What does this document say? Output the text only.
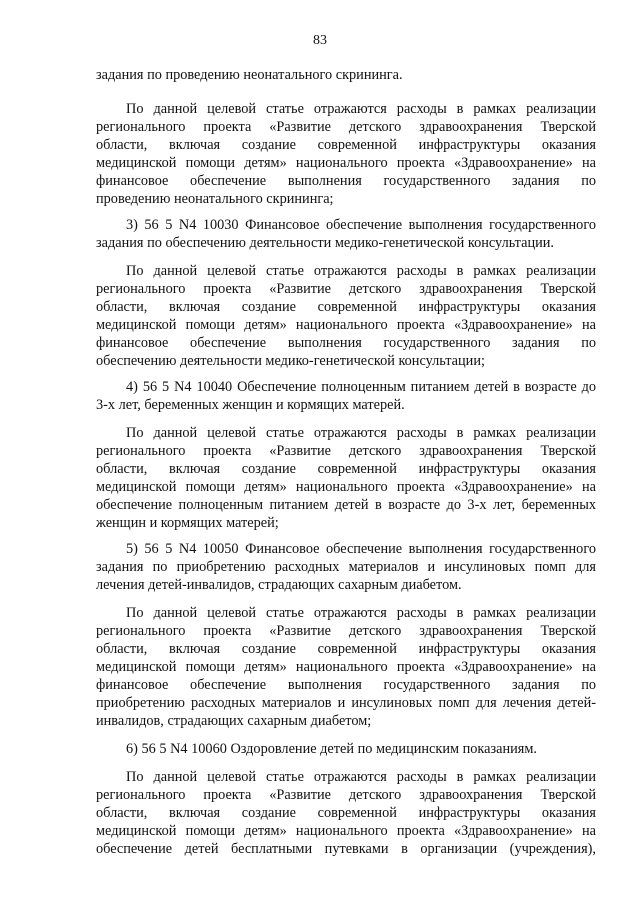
83
задания по проведению неонатального скрининга.
По данной целевой статье отражаются расходы в рамках реализации
регионального проекта «Развитие детского здравоохранения Тверской
области, включая создание современной инфраструктуры оказания
медицинской помощи детям» национального проекта «Здравоохранение» на
финансовое обеспечение выполнения государственного задания по
проведению неонатального скрининга;
3) 56 5 N4 10030 Финансовое обеспечение выполнения государственного
задания по обеспечению деятельности медико-генетической консультации.
По данной целевой статье отражаются расходы в рамках реализации
регионального проекта «Развитие детского здравоохранения Тверской
области, включая создание современной инфраструктуры оказания
медицинской помощи детям» национального проекта «Здравоохранение» на
финансовое обеспечение выполнения государственного задания по
обеспечению деятельности медико-генетической консультации;
4) 56 5 N4 10040 Обеспечение полноценным питанием детей в возрасте до
3-х лет, беременных женщин и кормящих матерей.
По данной целевой статье отражаются расходы в рамках реализации
регионального проекта «Развитие детского здравоохранения Тверской
области, включая создание современной инфраструктуры оказания
медицинской помощи детям» национального проекта «Здравоохранение» на
обеспечение полноценным питанием детей в возрасте до 3-х лет, беременных
женщин и кормящих матерей;
5) 56 5 N4 10050 Финансовое обеспечение выполнения государственного
задания по приобретению расходных материалов и инсулиновых помп для
лечения детей-инвалидов, страдающих сахарным диабетом.
По данной целевой статье отражаются расходы в рамках реализации
регионального проекта «Развитие детского здравоохранения Тверской
области, включая создание современной инфраструктуры оказания
медицинской помощи детям» национального проекта «Здравоохранение» на
финансовое обеспечение выполнения государственного задания по
приобретению расходных материалов и инсулиновых помп для лечения детей-
инвалидов, страдающих сахарным диабетом;
6) 56 5 N4 10060 Оздоровление детей по медицинским показаниям.
По данной целевой статье отражаются расходы в рамках реализации
регионального проекта «Развитие детского здравоохранения Тверской
области, включая создание современной инфраструктуры оказания
медицинской помощи детям» национального проекта «Здравоохранение» на
обеспечение детей бесплатными путевками в организации (учреждения),
